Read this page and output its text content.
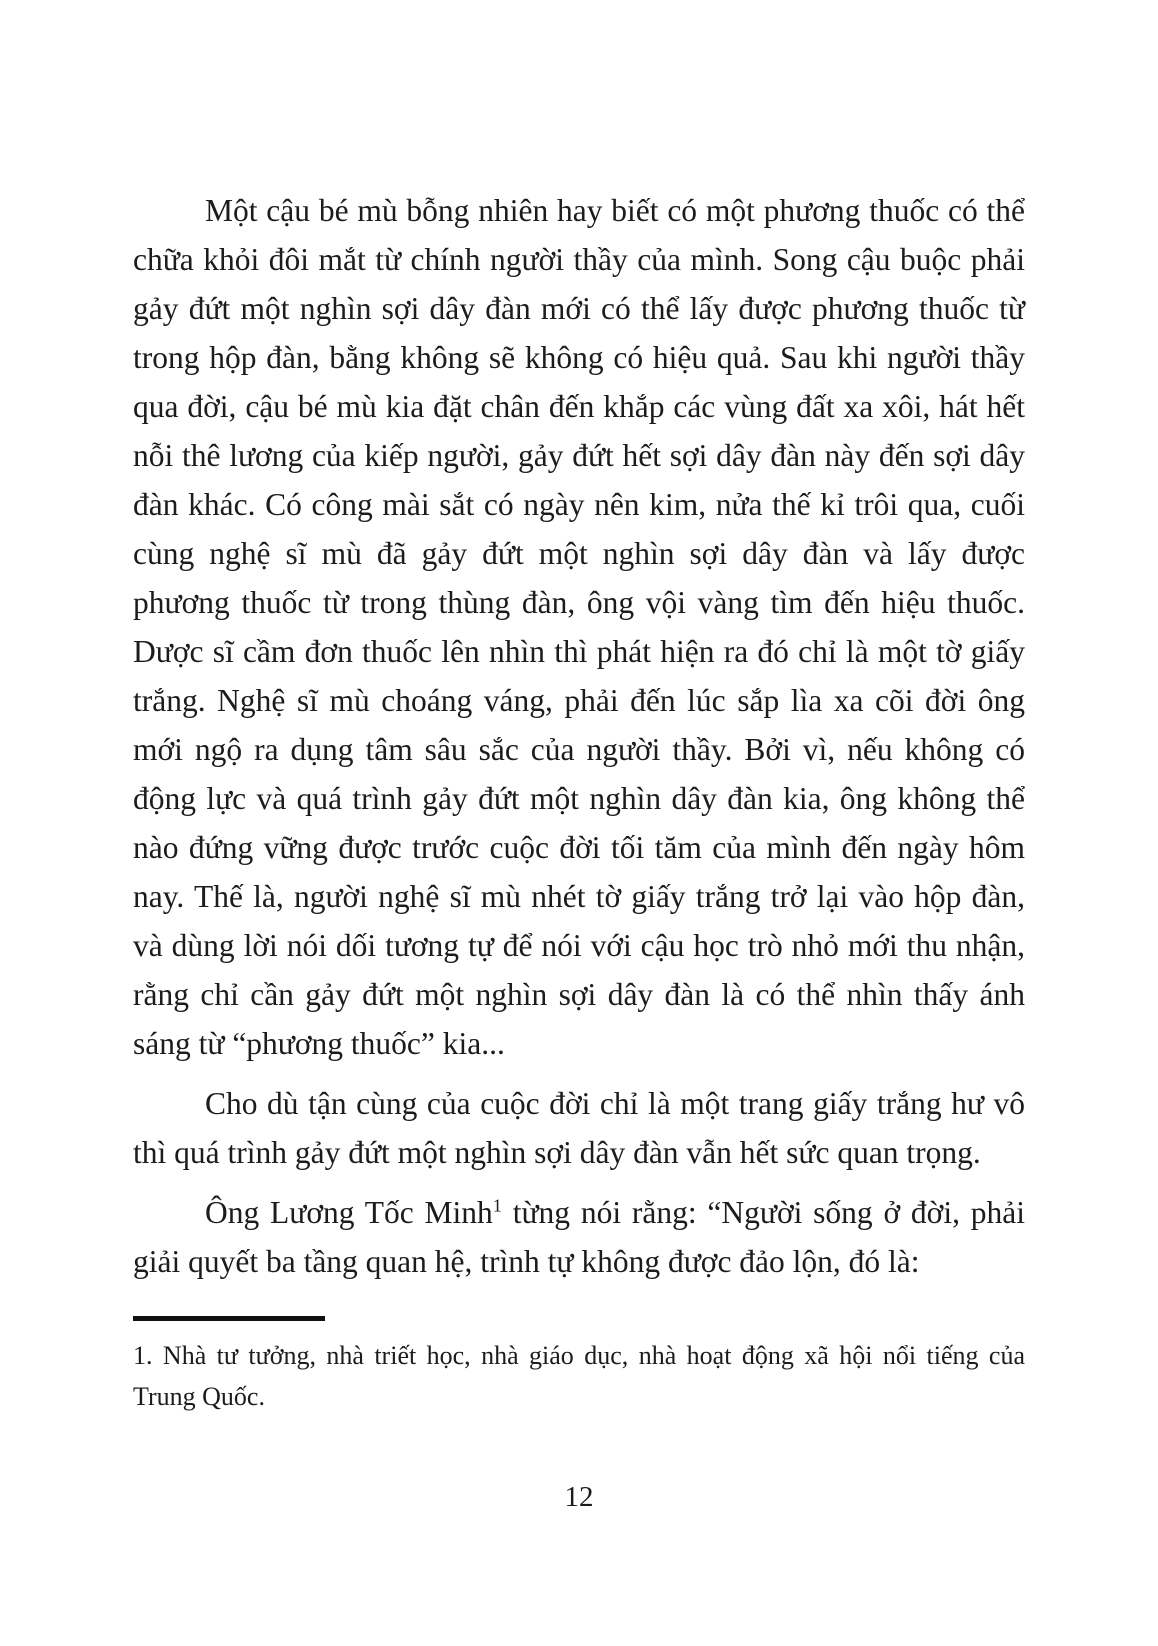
Một cậu bé mù bỗng nhiên hay biết có một phương thuốc có thể chữa khỏi đôi mắt từ chính người thầy của mình. Song cậu buộc phải gảy đứt một nghìn sợi dây đàn mới có thể lấy được phương thuốc từ trong hộp đàn, bằng không sẽ không có hiệu quả. Sau khi người thầy qua đời, cậu bé mù kia đặt chân đến khắp các vùng đất xa xôi, hát hết nỗi thê lương của kiếp người, gảy đứt hết sợi dây đàn này đến sợi dây đàn khác. Có công mài sắt có ngày nên kim, nửa thế kỉ trôi qua, cuối cùng nghệ sĩ mù đã gảy đứt một nghìn sợi dây đàn và lấy được phương thuốc từ trong thùng đàn, ông vội vàng tìm đến hiệu thuốc. Dược sĩ cầm đơn thuốc lên nhìn thì phát hiện ra đó chỉ là một tờ giấy trắng. Nghệ sĩ mù choáng váng, phải đến lúc sắp lìa xa cõi đời ông mới ngộ ra dụng tâm sâu sắc của người thầy. Bởi vì, nếu không có động lực và quá trình gảy đứt một nghìn dây đàn kia, ông không thể nào đứng vững được trước cuộc đời tối tăm của mình đến ngày hôm nay. Thế là, người nghệ sĩ mù nhét tờ giấy trắng trở lại vào hộp đàn, và dùng lời nói dối tương tự để nói với cậu học trò nhỏ mới thu nhận, rằng chỉ cần gảy đứt một nghìn sợi dây đàn là có thể nhìn thấy ánh sáng từ “phương thuốc” kia...

Cho dù tận cùng của cuộc đời chỉ là một trang giấy trắng hư vô thì quá trình gảy đứt một nghìn sợi dây đàn vẫn hết sức quan trọng.

Ông Lương Tốc Minh$^1$ từng nói rằng: “Người sống ở đời, phải giải quyết ba tầng quan hệ, trình tự không được đảo lộn, đó là:

1. Nhà tư tưởng, nhà triết học, nhà giáo dục, nhà hoạt động xã hội nổi tiếng của Trung Quốc.

12
